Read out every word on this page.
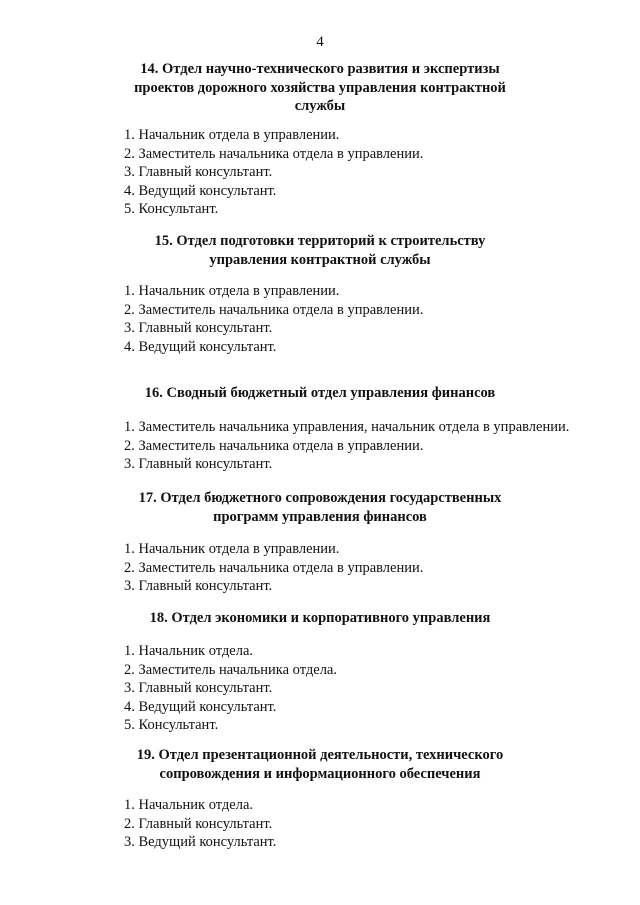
4
14. Отдел научно-технического развития и экспертизы
проектов дорожного хозяйства управления контрактной
службы
1. Начальник отдела в управлении.
2. Заместитель начальника отдела в управлении.
3. Главный консультант.
4. Ведущий консультант.
5. Консультант.
15. Отдел подготовки территорий к строительству
управления контрактной службы
1. Начальник отдела в управлении.
2. Заместитель начальника отдела в управлении.
3. Главный консультант.
4. Ведущий консультант.
16. Сводный бюджетный отдел управления финансов
1. Заместитель начальника управления, начальник отдела в управлении.
2. Заместитель начальника отдела в управлении.
3. Главный консультант.
17. Отдел бюджетного сопровождения государственных
программ управления финансов
1. Начальник отдела в управлении.
2. Заместитель начальника отдела в управлении.
3. Главный консультант.
18. Отдел экономики и корпоративного управления
1. Начальник отдела.
2. Заместитель начальника отдела.
3. Главный консультант.
4. Ведущий консультант.
5. Консультант.
19. Отдел презентационной деятельности, технического
сопровождения и информационного обеспечения
1. Начальник отдела.
2. Главный консультант.
3. Ведущий консультант.
